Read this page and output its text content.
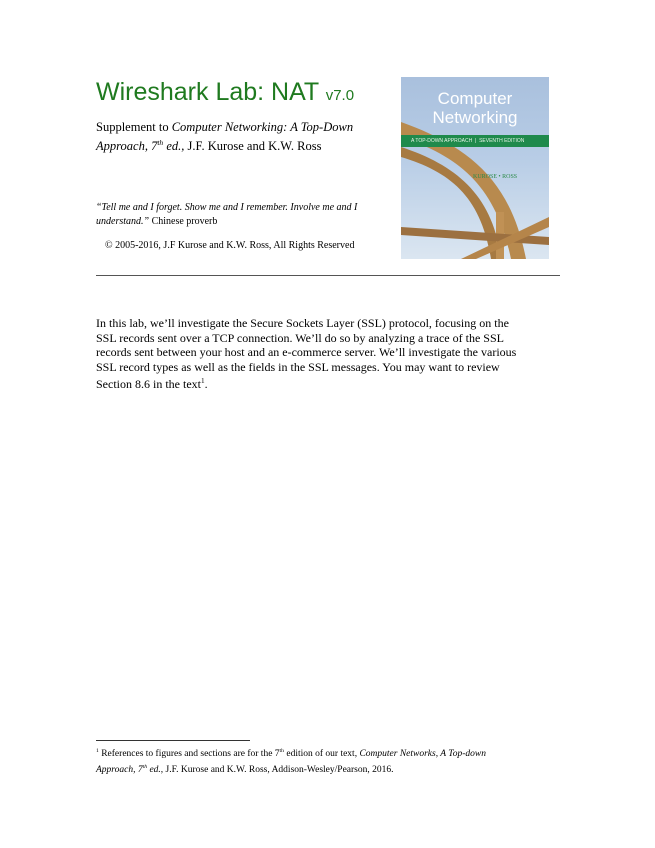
Wireshark Lab: NAT v7.0
Supplement to Computer Networking: A Top-Down Approach, 7th ed., J.F. Kurose and K.W. Ross
“Tell me and I forget. Show me and I remember. Involve me and I understand.” Chinese proverb
© 2005-2016, J.F Kurose and K.W. Ross, All Rights Reserved
Computer
Networking
A TOP-DOWN APPROACH  |  SEVENTH EDITION
KUROSE • ROSS
In this lab, we’ll investigate the Secure Sockets Layer (SSL) protocol, focusing on the
SSL records sent over a TCP connection. We’ll do so by analyzing a trace of the SSL
records sent between your host and an e-commerce server. We’ll investigate the various
SSL record types as well as the fields in the SSL messages. You may want to review
Section 8.6 in the text$^1$.
$^1$ References to figures and sections are for the 7th edition of our text, Computer Networks, A Top-down
Approach, 7th ed., J.F. Kurose and K.W. Ross, Addison-Wesley/Pearson, 2016.
